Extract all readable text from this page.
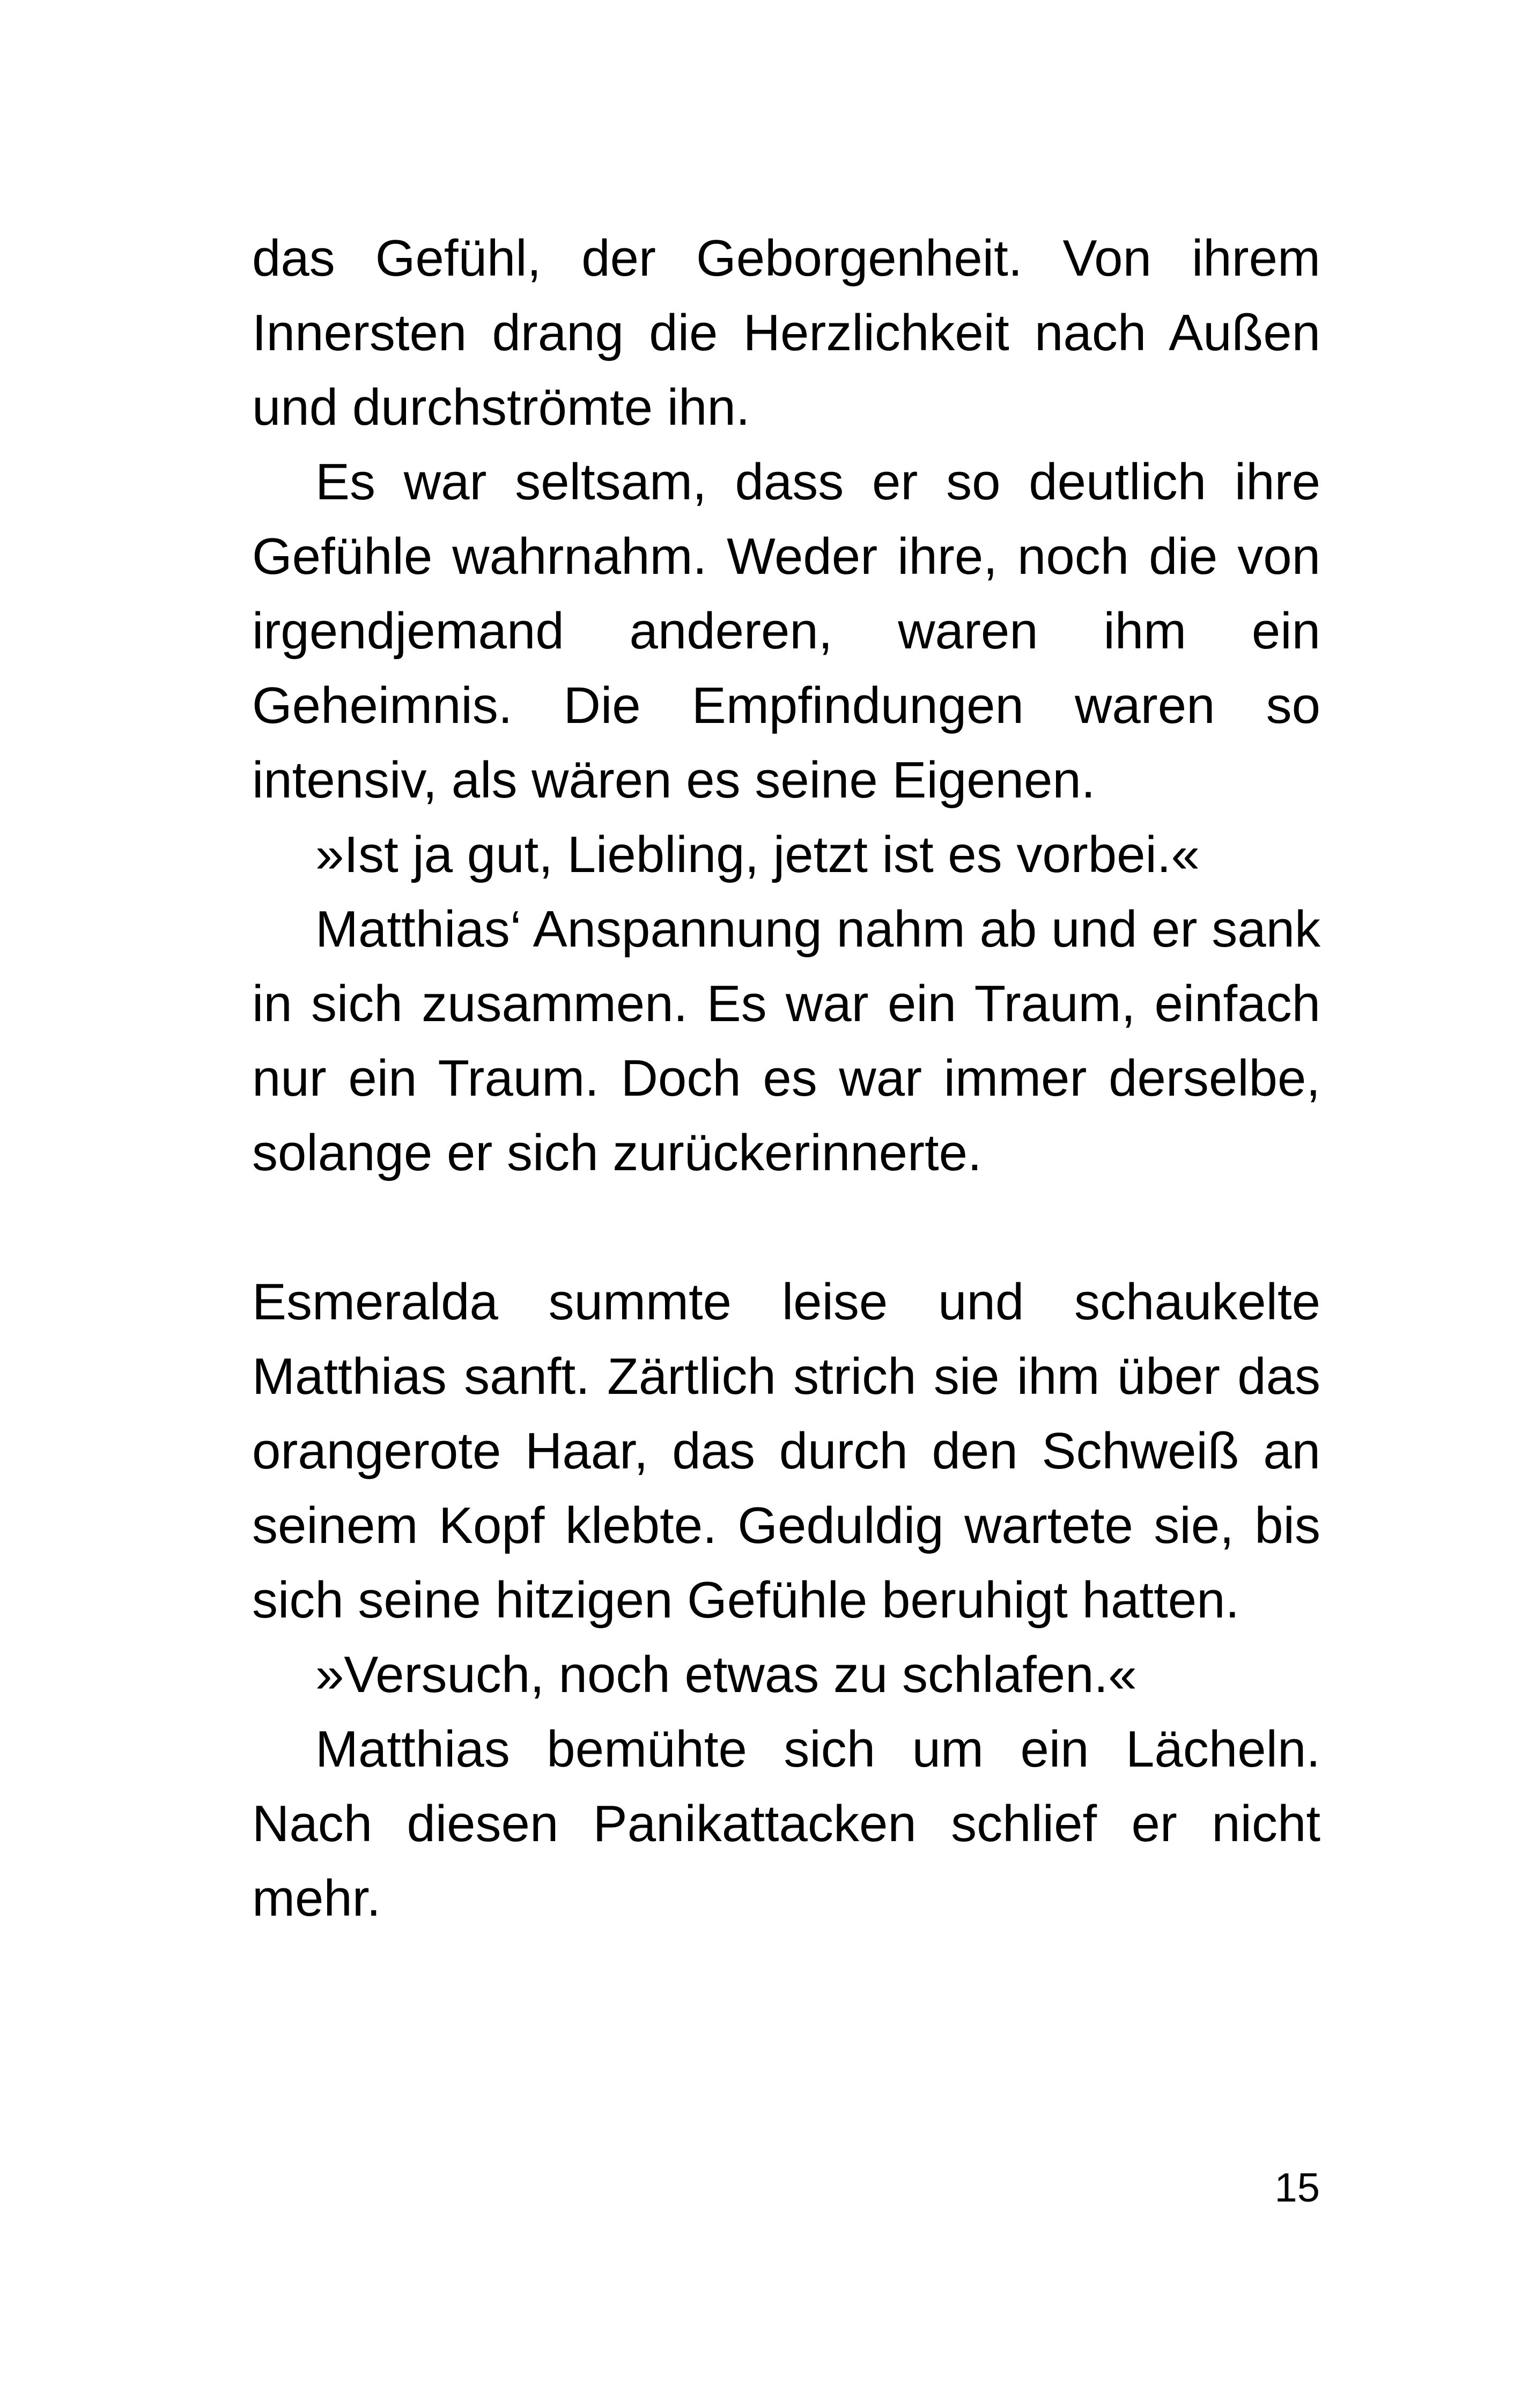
das Gefühl, der Geborgenheit. Von ihrem Innersten drang die Herzlichkeit nach Außen und durchströmte ihn.

Es war seltsam, dass er so deutlich ihre Gefühle wahrnahm. Weder ihre, noch die von irgendjemand anderen, waren ihm ein Geheimnis. Die Empfindungen waren so intensiv, als wären es seine Eigenen.

»Ist ja gut, Liebling, jetzt ist es vorbei.«

Matthias‘ Anspannung nahm ab und er sank in sich zusammen. Es war ein Traum, einfach nur ein Traum. Doch es war immer derselbe, solange er sich zurückerinnerte.

Esmeralda summte leise und schaukelte Matthias sanft. Zärtlich strich sie ihm über das orangerote Haar, das durch den Schweiß an seinem Kopf klebte. Geduldig wartete sie, bis sich seine hitzigen Gefühle beruhigt hatten.

»Versuch, noch etwas zu schlafen.«

Matthias bemühte sich um ein Lächeln. Nach diesen Panikattacken schlief er nicht mehr.

15
